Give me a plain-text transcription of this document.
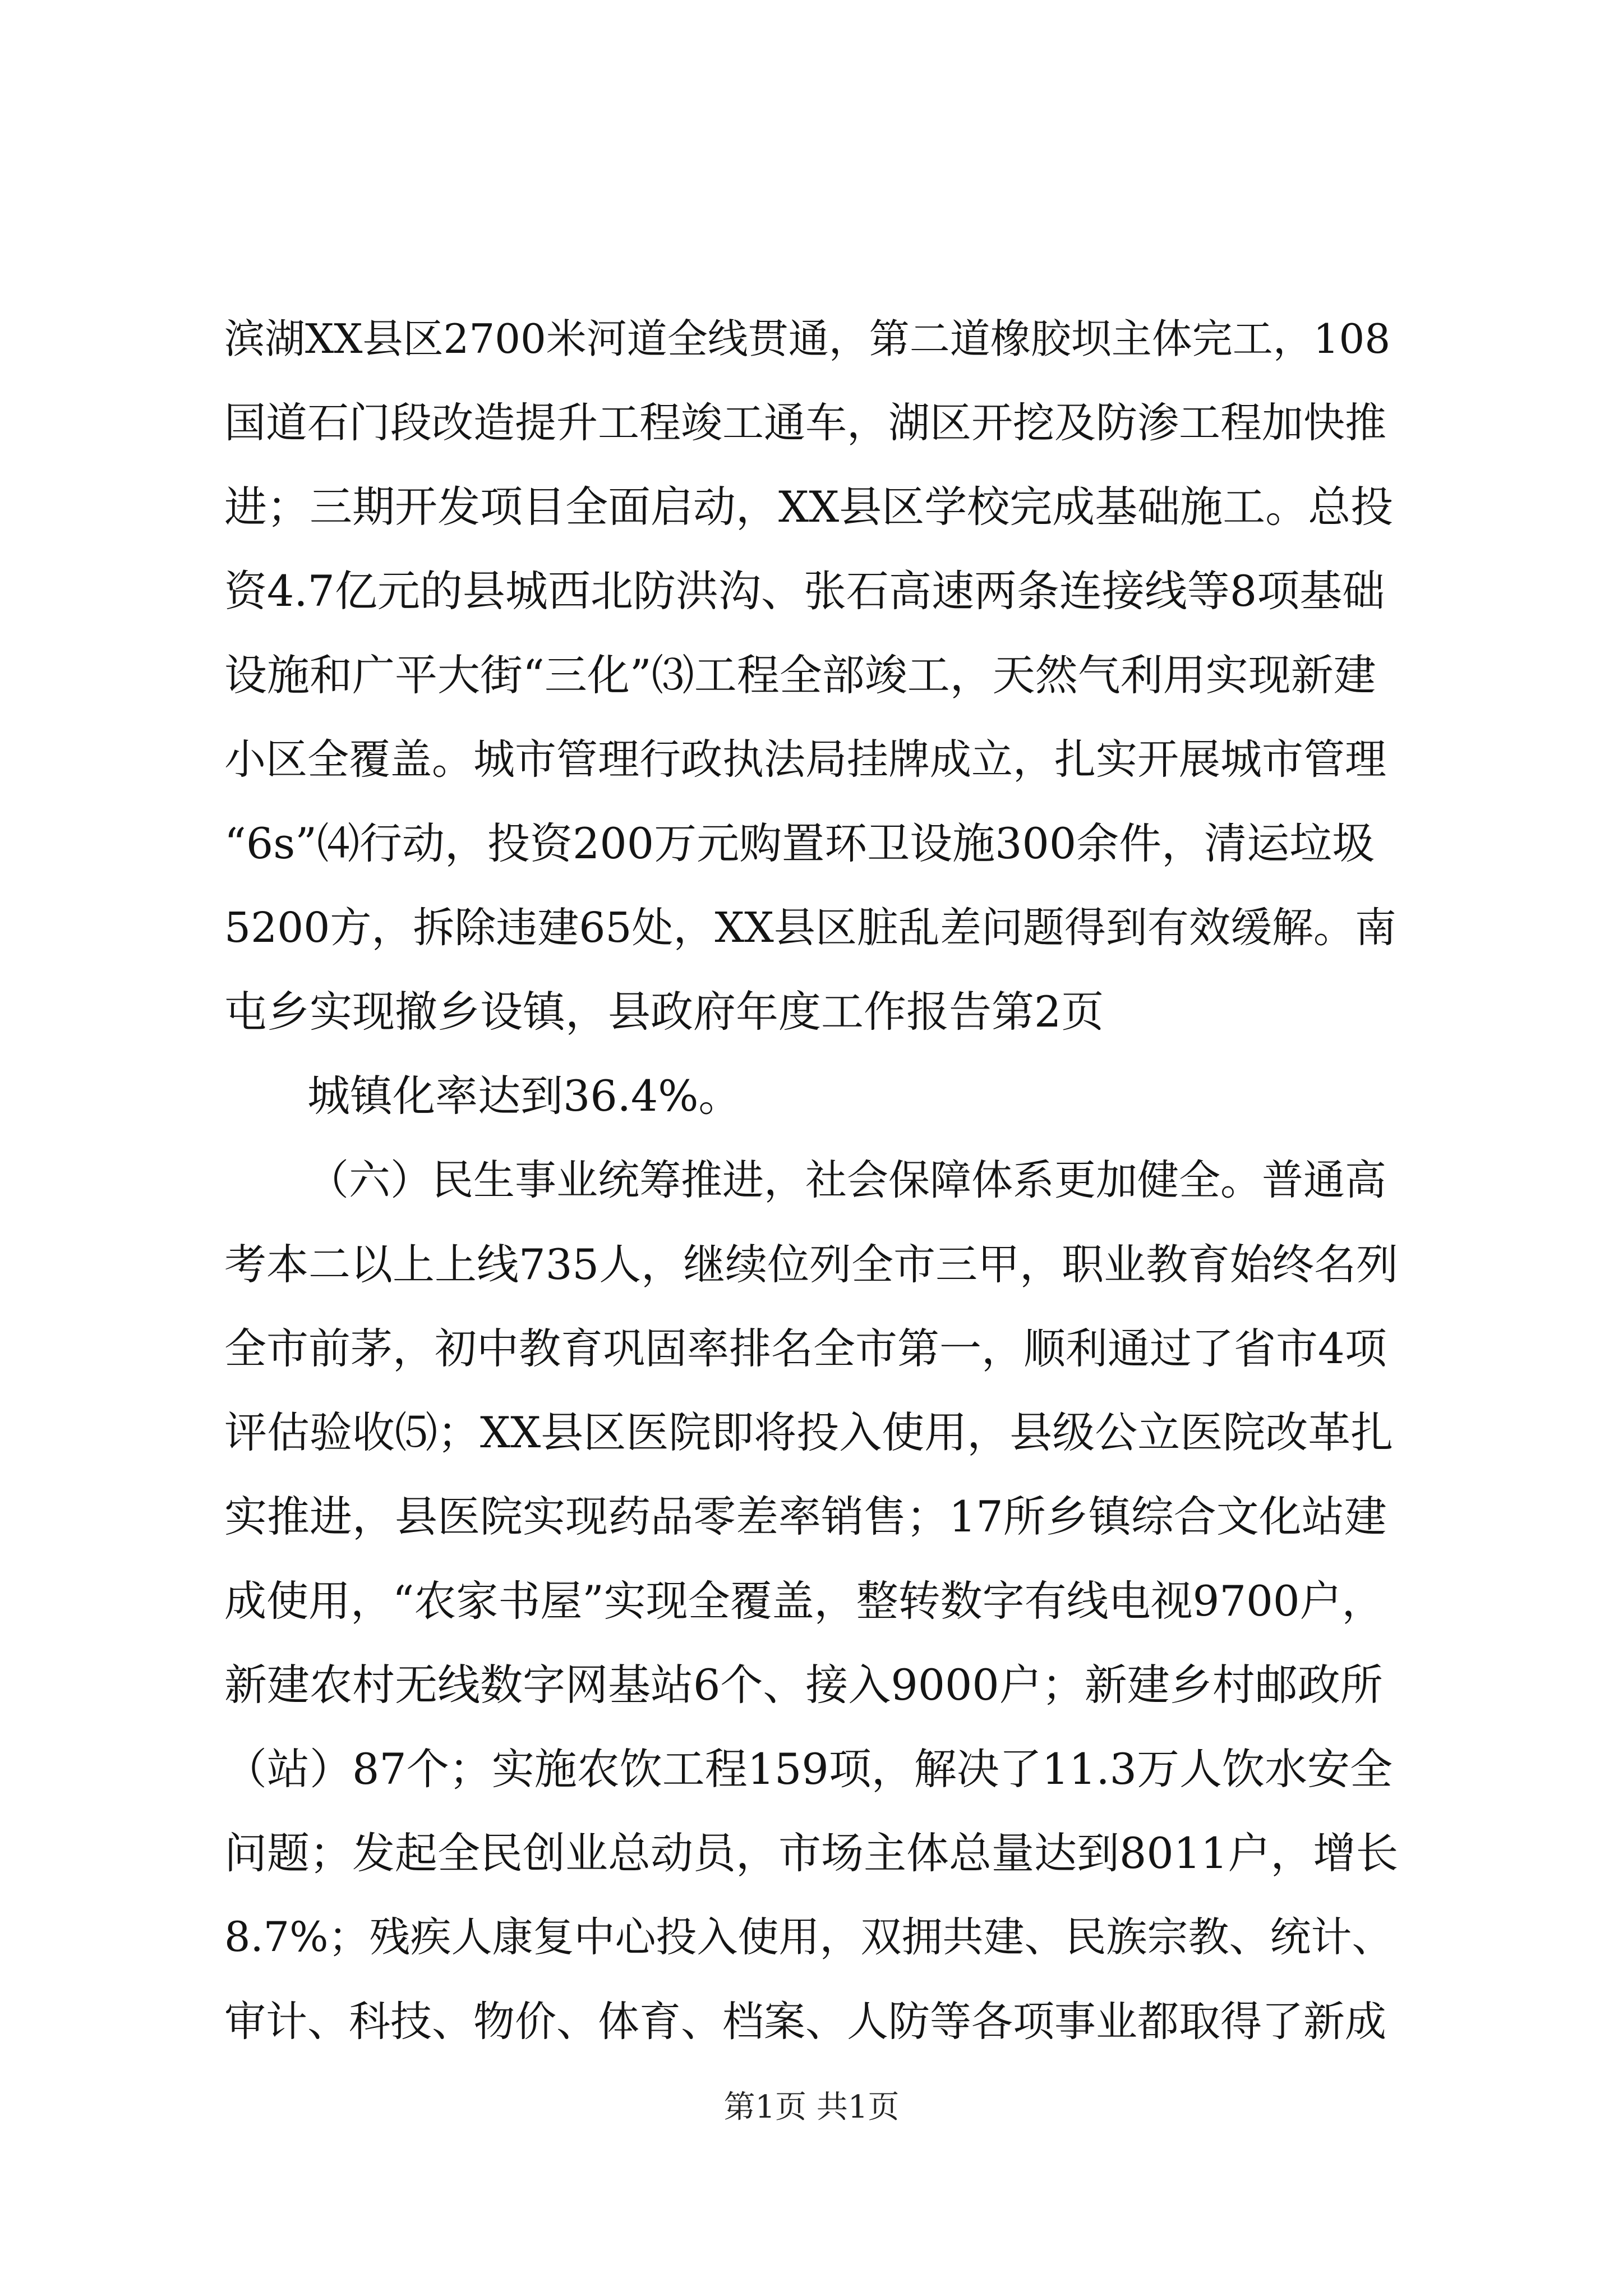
滨湖XX县区2700米河道全线贯通，第二道橡胶坝主体完工，108
国道石门段改造提升工程竣工通车，湖区开挖及防渗工程加快推
进；三期开发项目全面启动，XX县区学校完成基础施工。总投
资4.7亿元的县城西北防洪沟、张石高速两条连接线等8项基础
设施和广平大街“三化”⑶工程全部竣工，天然气利用实现新建
小区全覆盖。城市管理行政执法局挂牌成立，扎实开展城市管理
“6s”⑷行动，投资200万元购置环卫设施300余件，清运垃圾
5200方，拆除违建65处，XX县区脏乱差问题得到有效缓解。南
屯乡实现撤乡设镇，县政府年度工作报告第2页
城镇化率达到36.4%。
（六）民生事业统筹推进，社会保障体系更加健全。普通高
考本二以上上线735人，继续位列全市三甲，职业教育始终名列
全市前茅，初中教育巩固率排名全市第一，顺利通过了省市4项
评估验收⑸；XX县区医院即将投入使用，县级公立医院改革扎
实推进，县医院实现药品零差率销售；17所乡镇综合文化站建
成使用，“农家书屋”实现全覆盖，整转数字有线电视9700户，
新建农村无线数字网基站6个、接入9000户；新建乡村邮政所
（站）87个；实施农饮工程159项，解决了11.3万人饮水安全
问题；发起全民创业总动员，市场主体总量达到8011户，增长
8.7%；残疾人康复中心投入使用，双拥共建、民族宗教、统计、
审计、科技、物价、体育、档案、人防等各项事业都取得了新成
第1页 共1页
